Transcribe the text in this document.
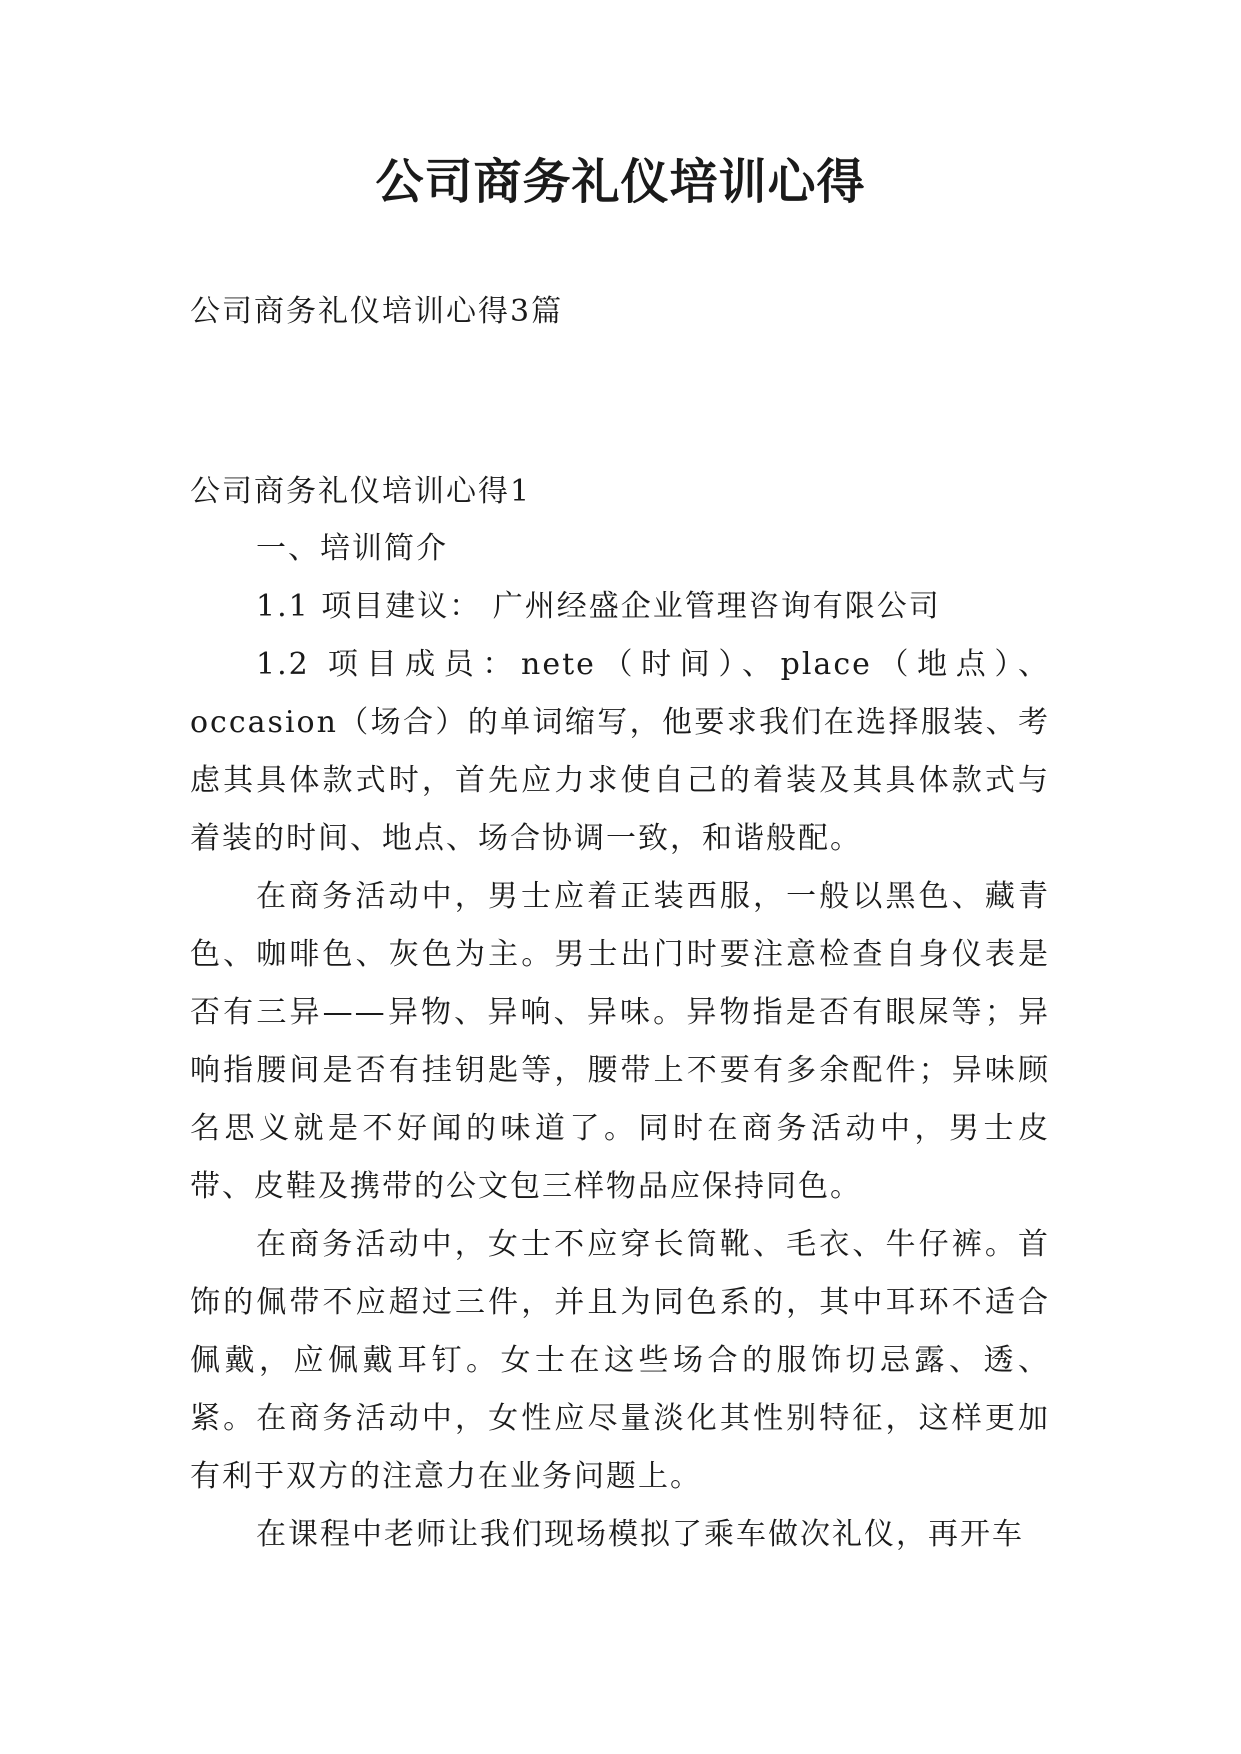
公司商务礼仪培训心得
公司商务礼仪培训心得3篇
公司商务礼仪培训心得1

一、培训简介

1.1 项目建议： 广州经盛企业管理咨询有限公司

1.2 项目成员：nete（时间）、place（地点）、occasion（场合）的单词缩写，他要求我们在选择服装、考虑其具体款式时，首先应力求使自己的着装及其具体款式与着装的时间、地点、场合协调一致，和谐般配。

在商务活动中，男士应着正装西服，一般以黑色、藏青色、咖啡色、灰色为主。男士出门时要注意检查自身仪表是否有三异——异物、异响、异味。异物指是否有眼屎等；异响指腰间是否有挂钥匙等，腰带上不要有多余配件；异味顾名思义就是不好闻的味道了。同时在商务活动中，男士皮带、皮鞋及携带的公文包三样物品应保持同色。

在商务活动中，女士不应穿长筒靴、毛衣、牛仔裤。首饰的佩带不应超过三件，并且为同色系的，其中耳环不适合佩戴，应佩戴耳钉。女士在这些场合的服饰切忌露、透、紧。在商务活动中，女性应尽量淡化其性别特征，这样更加有利于双方的注意力在业务问题上。

在课程中老师让我们现场模拟了乘车做次礼仪，再开车
